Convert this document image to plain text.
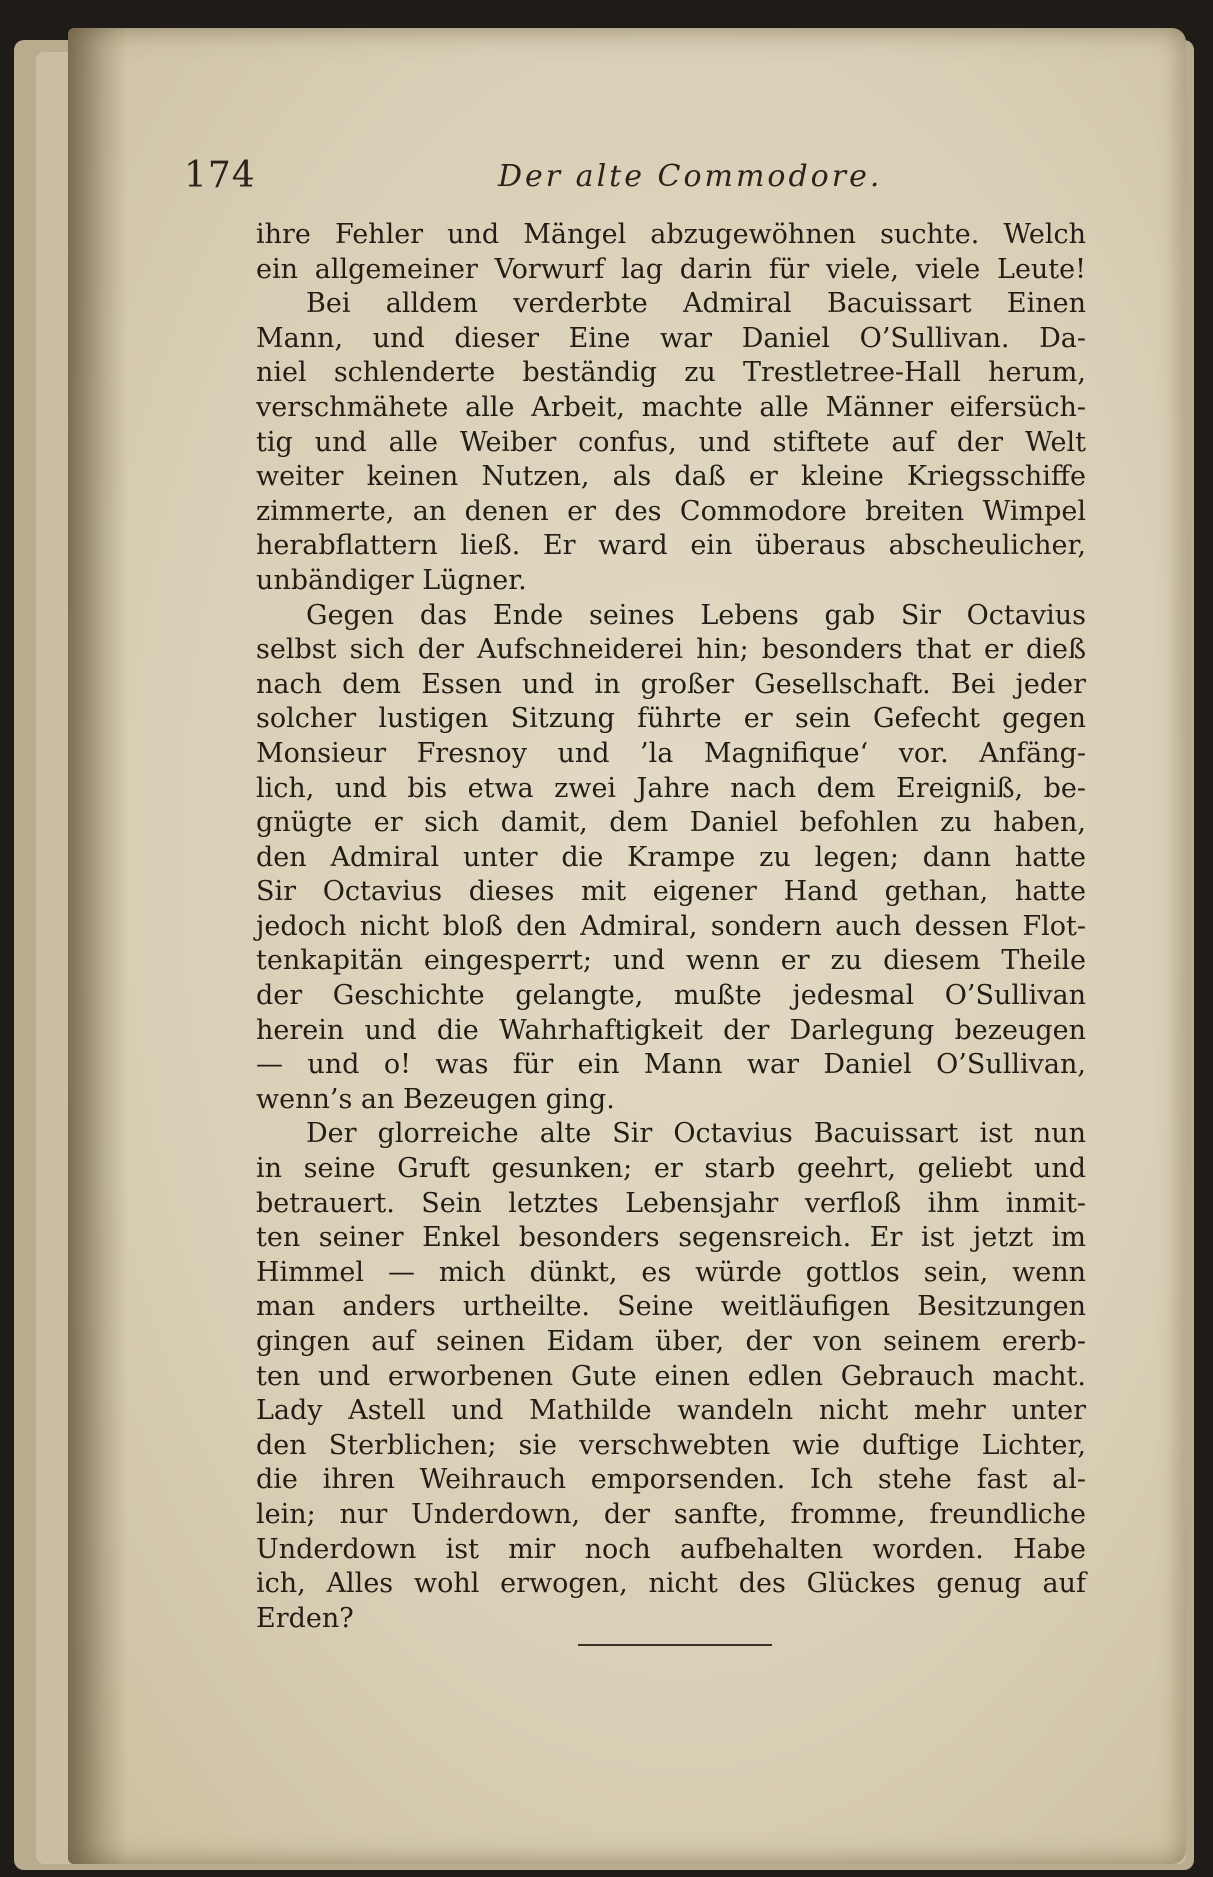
174	Der alte Commodore.
ihre Fehler und Mängel abzugewöhnen suchte. Welch
ein allgemeiner Vorwurf lag darin für viele, viele Leute!
Bei alldem verderbte Admiral Bacuissart Einen
Mann, und dieser Eine war Daniel O’Sullivan. Da-
niel schlenderte beständig zu Trestletree-Hall herum,
verschmähete alle Arbeit, machte alle Männer eifersüch-
tig und alle Weiber confus, und stiftete auf der Welt
weiter keinen Nutzen, als daß er kleine Kriegsschiffe
zimmerte, an denen er des Commodore breiten Wimpel
herabflattern ließ. Er ward ein überaus abscheulicher,
unbändiger Lügner.
Gegen das Ende seines Lebens gab Sir Octavius
selbst sich der Aufschneiderei hin; besonders that er dieß
nach dem Essen und in großer Gesellschaft. Bei jeder
solcher lustigen Sitzung führte er sein Gefecht gegen
Monsieur Fresnoy und ’la Magnifique‘ vor. Anfäng-
lich, und bis etwa zwei Jahre nach dem Ereigniß, be-
gnügte er sich damit, dem Daniel befohlen zu haben,
den Admiral unter die Krampe zu legen; dann hatte
Sir Octavius dieses mit eigener Hand gethan, hatte
jedoch nicht bloß den Admiral, sondern auch dessen Flot-
tenkapitän eingesperrt; und wenn er zu diesem Theile
der Geschichte gelangte, mußte jedesmal O’Sullivan
herein und die Wahrhaftigkeit der Darlegung bezeugen
— und o! was für ein Mann war Daniel O’Sullivan,
wenn’s an Bezeugen ging.
Der glorreiche alte Sir Octavius Bacuissart ist nun
in seine Gruft gesunken; er starb geehrt, geliebt und
betrauert. Sein letztes Lebensjahr verfloß ihm inmit-
ten seiner Enkel besonders segensreich. Er ist jetzt im
Himmel — mich dünkt, es würde gottlos sein, wenn
man anders urtheilte. Seine weitläufigen Besitzungen
gingen auf seinen Eidam über, der von seinem ererb-
ten und erworbenen Gute einen edlen Gebrauch macht.
Lady Astell und Mathilde wandeln nicht mehr unter
den Sterblichen; sie verschwebten wie duftige Lichter,
die ihren Weihrauch emporsenden. Ich stehe fast al-
lein; nur Underdown, der sanfte, fromme, freundliche
Underdown ist mir noch aufbehalten worden. Habe
ich, Alles wohl erwogen, nicht des Glückes genug auf
Erden?
